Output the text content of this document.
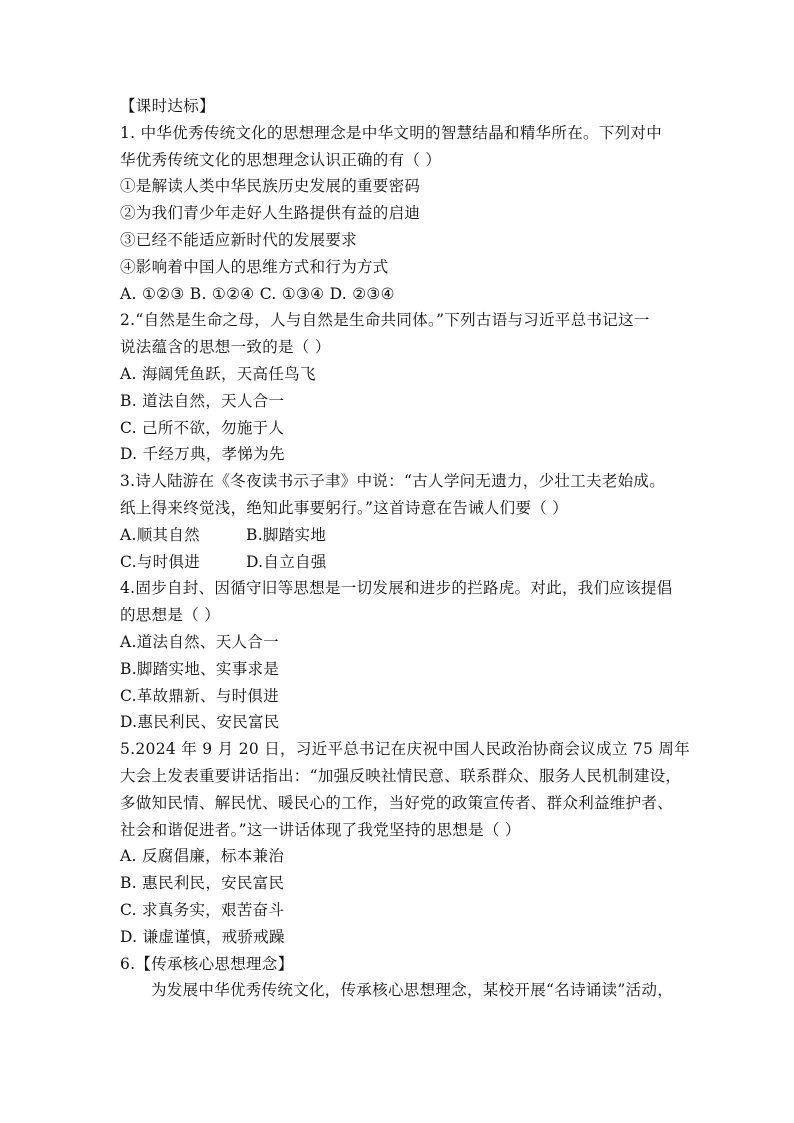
【课时达标】
1. 中华优秀传统文化的思想理念是中华文明的智慧结晶和精华所在。下列对中
华优秀传统文化的思想理念认识正确的有（ ）
①是解读人类中华民族历史发展的重要密码
②为我们青少年走好人生路提供有益的启迪
③已经不能适应新时代的发展要求
④影响着中国人的思维方式和行为方式
A. ①②③ B. ①②④ C. ①③④ D. ②③④
2.“自然是生命之母，人与自然是生命共同体。”下列古语与习近平总书记这一
说法蕴含的思想一致的是（ ）
A. 海阔凭鱼跃，天高任鸟飞
B. 道法自然，天人合一
C. 己所不欲，勿施于人
D. 千经万典，孝悌为先
3.诗人陆游在《冬夜读书示子聿》中说：“古人学问无遗力，少壮工夫老始成。
纸上得来终觉浅，绝知此事要躬行。”这首诗意在告诫人们要（ ）
A.顺其自然	B.脚踏实地
C.与时俱进	D.自立自强
4.固步自封、因循守旧等思想是一切发展和进步的拦路虎。对此，我们应该提倡
的思想是（ ）
A.道法自然、天人合一
B.脚踏实地、实事求是
C.革故鼎新、与时俱进
D.惠民利民、安民富民
5.2024 年 9 月 20 日，习近平总书记在庆祝中国人民政治协商会议成立 75 周年
大会上发表重要讲话指出：“加强反映社情民意、联系群众、服务人民机制建设，
多做知民情、解民忧、暖民心的工作，当好党的政策宣传者、群众利益维护者、
社会和谐促进者。”这一讲话体现了我党坚持的思想是（ ）
A. 反腐倡廉，标本兼治
B. 惠民利民，安民富民
C. 求真务实，艰苦奋斗
D. 谦虚谨慎，戒骄戒躁
6.【传承核心思想理念】
为发展中华优秀传统文化，传承核心思想理念，某校开展“名诗诵读”活动，
